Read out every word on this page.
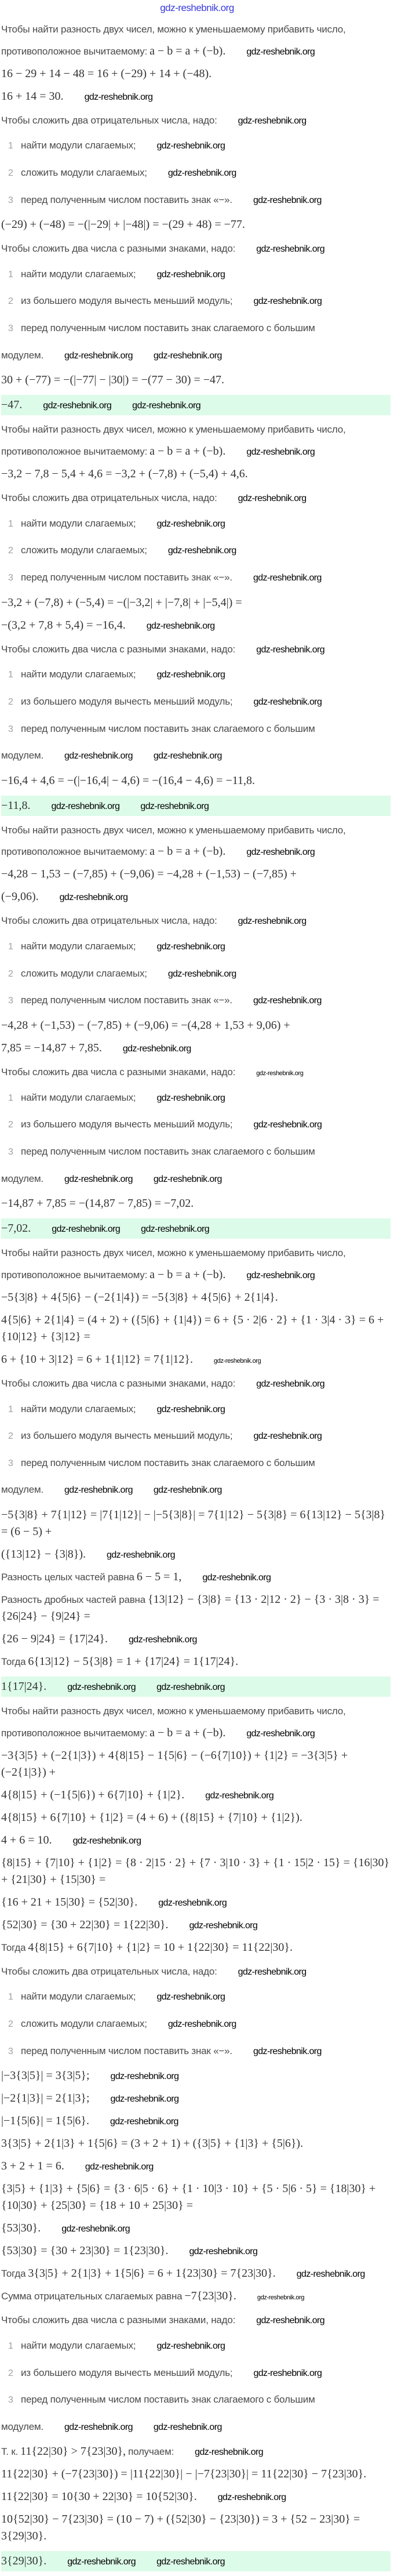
gdz-reshebnik.org
Чтобы найти разность двух чисел, можно к уменьшаемому прибавить число,
противоположное вычитаемому: a − b = a + (−b). gdz-reshebnik.org
16 − 29 + 14 − 48 = 16 + (−29) + 14 + (−48).
16 + 14 = 30. gdz-reshebnik.org
Чтобы сложить два отрицательных числа, надо: gdz-reshebnik.org
1 найти модули слагаемых; gdz-reshebnik.org
2 сложить модули слагаемых; gdz-reshebnik.org
3 перед полученным числом поставить знак «−». gdz-reshebnik.org
(−29) + (−48) = −(|−29| + |−48|) = −(29 + 48) = −77.
Чтобы сложить два числа с разными знаками, надо: gdz-reshebnik.org
1 найти модули слагаемых; gdz-reshebnik.org
2 из большего модуля вычесть меньший модуль; gdz-reshebnik.org
3 перед полученным числом поставить знак слагаемого с большим
модулем. gdz-reshebnik.org gdz-reshebnik.org
30 + (−77) = −(|−77| − |30|) = −(77 − 30) = −47.
−47. gdz-reshebnik.org gdz-reshebnik.org
Чтобы найти разность двух чисел, можно к уменьшаемому прибавить число,
противоположное вычитаемому: a − b = a + (−b). gdz-reshebnik.org
−3,2 − 7,8 − 5,4 + 4,6 = −3,2 + (−7,8) + (−5,4) + 4,6.
Чтобы сложить два отрицательных числа, надо: gdz-reshebnik.org
1 найти модули слагаемых; gdz-reshebnik.org
2 сложить модули слагаемых; gdz-reshebnik.org
3 перед полученным числом поставить знак «−». gdz-reshebnik.org
−3,2 + (−7,8) + (−5,4) = −(|−3,2| + |−7,8| + |−5,4|) =
−(3,2 + 7,8 + 5,4) = −16,4. gdz-reshebnik.org
Чтобы сложить два числа с разными знаками, надо: gdz-reshebnik.org
1 найти модули слагаемых; gdz-reshebnik.org
2 из большего модуля вычесть меньший модуль; gdz-reshebnik.org
3 перед полученным числом поставить знак слагаемого с большим
модулем. gdz-reshebnik.org gdz-reshebnik.org
−16,4 + 4,6 = −(|−16,4| − 4,6) = −(16,4 − 4,6) = −11,8.
−11,8. gdz-reshebnik.org gdz-reshebnik.org
Чтобы найти разность двух чисел, можно к уменьшаемому прибавить число,
противоположное вычитаемому: a − b = a + (−b). gdz-reshebnik.org
−4,28 − 1,53 − (−7,85) + (−9,06) = −4,28 + (−1,53) − (−7,85) +
(−9,06). gdz-reshebnik.org
Чтобы сложить два отрицательных числа, надо: gdz-reshebnik.org
1 найти модули слагаемых; gdz-reshebnik.org
2 сложить модули слагаемых; gdz-reshebnik.org
3 перед полученным числом поставить знак «−». gdz-reshebnik.org
−4,28 + (−1,53) − (−7,85) + (−9,06) = −(4,28 + 1,53 + 9,06) +
7,85 = −14,87 + 7,85. gdz-reshebnik.org
Чтобы сложить два числа с разными знаками, надо:	gdz-reshebnik.org
1 найти модули слагаемых; gdz-reshebnik.org
2 из большего модуля вычесть меньший модуль; gdz-reshebnik.org
3 перед полученным числом поставить знак слагаемого с большим
модулем. gdz-reshebnik.org gdz-reshebnik.org
−14,87 + 7,85 = −(14,87 − 7,85) = −7,02.
−7,02. gdz-reshebnik.org gdz-reshebnik.org
Чтобы найти разность двух чисел, можно к уменьшаемому прибавить число,
противоположное вычитаемому: a − b = a + (−b). gdz-reshebnik.org
−5{3|8} + 4{5|6} − (−2{1|4}) = −5{3|8} + 4{5|6} + 2{1|4}.
4{5|6} + 2{1|4} = (4 + 2) + ({5|6} + {1|4}) = 6 + {5 · 2|6 · 2} + {1 · 3|4 · 3} = 6 + {10|12} + {3|12} =
6 + {10 + 3|12} = 6 + 1{1|12} = 7{1|12}.	gdz-reshebnik.org
Чтобы сложить два числа с разными знаками, надо: gdz-reshebnik.org
1 найти модули слагаемых; gdz-reshebnik.org
2 из большего модуля вычесть меньший модуль; gdz-reshebnik.org
3 перед полученным числом поставить знак слагаемого с большим
модулем. gdz-reshebnik.org gdz-reshebnik.org
−5{3|8} + 7{1|12} = |7{1|12}| − |−5{3|8}| = 7{1|12} − 5{3|8} = 6{13|12} − 5{3|8} = (6 − 5) +
({13|12} − {3|8}). gdz-reshebnik.org
Разность целых частей равна 6 − 5 = 1, gdz-reshebnik.org
Разность дробных частей равна {13|12} − {3|8} = {13 · 2|12 · 2} − {3 · 3|8 · 3} = {26|24} − {9|24} =
{26 − 9|24} = {17|24}. gdz-reshebnik.org
Тогда 6{13|12} − 5{3|8} = 1 + {17|24} = 1{17|24}.
1{17|24}. gdz-reshebnik.org gdz-reshebnik.org
Чтобы найти разность двух чисел, можно к уменьшаемому прибавить число,
противоположное вычитаемому: a − b = a + (−b). gdz-reshebnik.org
−3{3|5} + (−2{1|3}) + 4{8|15} − 1{5|6} − (−6{7|10}) + {1|2} = −3{3|5} + (−2{1|3}) +
4{8|15} + (−1{5|6}) + 6{7|10} + {1|2}. gdz-reshebnik.org
4{8|15} + 6{7|10} + {1|2} = (4 + 6) + ({8|15} + {7|10} + {1|2}).
4 + 6 = 10. gdz-reshebnik.org
{8|15} + {7|10} + {1|2} = {8 · 2|15 · 2} + {7 · 3|10 · 3} + {1 · 15|2 · 15} = {16|30} + {21|30} + {15|30} =
{16 + 21 + 15|30} = {52|30}. gdz-reshebnik.org
{52|30} = {30 + 22|30} = 1{22|30}. gdz-reshebnik.org
Тогда 4{8|15} + 6{7|10} + {1|2} = 10 + 1{22|30} = 11{22|30}.
Чтобы сложить два отрицательных числа, надо: gdz-reshebnik.org
1 найти модули слагаемых; gdz-reshebnik.org
2 сложить модули слагаемых; gdz-reshebnik.org
3 перед полученным числом поставить знак «−». gdz-reshebnik.org
|−3{3|5}| = 3{3|5}; gdz-reshebnik.org
|−2{1|3}| = 2{1|3}; gdz-reshebnik.org
|−1{5|6}| = 1{5|6}. gdz-reshebnik.org
3{3|5} + 2{1|3} + 1{5|6} = (3 + 2 + 1) + ({3|5} + {1|3} + {5|6}).
3 + 2 + 1 = 6. gdz-reshebnik.org
{3|5} + {1|3} + {5|6} = {3 · 6|5 · 6} + {1 · 10|3 · 10} + {5 · 5|6 · 5} = {18|30} + {10|30} + {25|30} = {18 + 10 + 25|30} =
{53|30}. gdz-reshebnik.org
{53|30} = {30 + 23|30} = 1{23|30}. gdz-reshebnik.org
Тогда 3{3|5} + 2{1|3} + 1{5|6} = 6 + 1{23|30} = 7{23|30}. gdz-reshebnik.org
Сумма отрицательных слагаемых равна −7{23|30}.	gdz-reshebnik.org
Чтобы сложить два числа с разными знаками, надо: gdz-reshebnik.org
1 найти модули слагаемых; gdz-reshebnik.org
2 из большего модуля вычесть меньший модуль; gdz-reshebnik.org
3 перед полученным числом поставить знак слагаемого с большим
модулем. gdz-reshebnik.org gdz-reshebnik.org
Т. к. 11{22|30} > 7{23|30}, получаем: gdz-reshebnik.org
11{22|30} + (−7{23|30}) = |11{22|30}| − |−7{23|30}| = 11{22|30} − 7{23|30}.
11{22|30} = 10{30 + 22|30} = 10{52|30}. gdz-reshebnik.org
10{52|30} − 7{23|30} = (10 − 7) + ({52|30} − {23|30}) = 3 + {52 − 23|30} = 3{29|30}.
3{29|30}. gdz-reshebnik.org gdz-reshebnik.org
